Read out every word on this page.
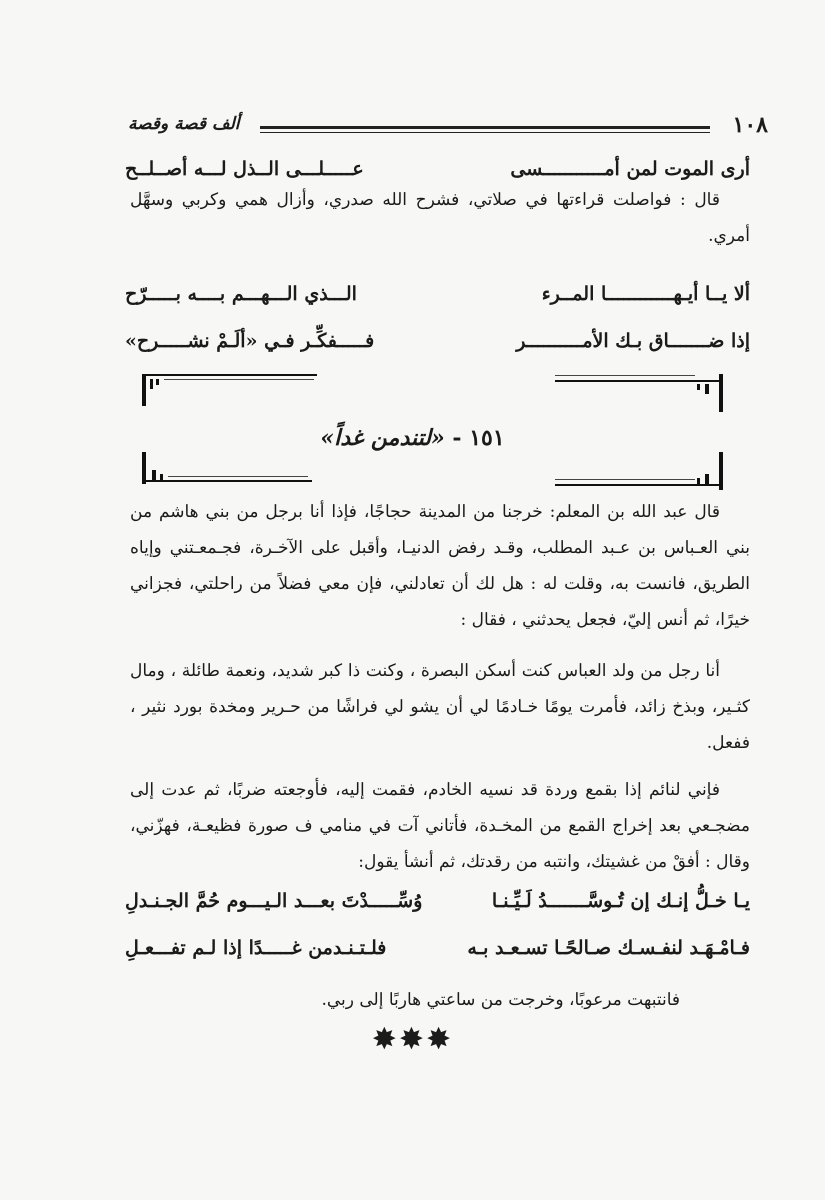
١٠٨
ألف قصة وقصة
أرى الموت لمن أمـــــــــــسى
عـــــلـــى الــذل لـــه أصــلــح

قال : فواصلت قراءتها في صلاتي، فشرح الله صدري، وأزال همي وكربي وسهَّل أمري.

ألا يــا أيـهــــــــــــا المــرء
الـــذي الـــهـــم بــــه بـــــرّح
إذا ضـــــــاق بـك الأمــــــــــر
فـــــفكِّـر فـي «ألَـمْ نشـــــرح»
١٥١ - «لتندمن غداً»

قال عبد الله بن المعلم: خرجنا من المدينة حجاجًا، فإذا أنا برجل من بني هاشم من بني العـباس بن عـبد المطلب، وقـد رفض الدنيـا، وأقبل على الآخـرة، فجـمعـتني وإياه الطريق، فانست به، وقلت له : هل لك أن تعادلني، فإن معي فضلاً من راحلتي، فجزاني خيرًا، ثم أنس إليّ، فجعل يحدثني ، فقال :

أنا رجل من ولد العباس كنت أسكن البصرة ، وكنت ذا كبر شديد، ونعمة طائلة ، ومال كثـير، وبذخ زائد، فأمرت يومًا خـادمًا لي أن يشو لي فراشًا من حـرير ومخدة بورد نثير ، ففعل.

فإني لنائم إذا بقمع وردة قد نسيه الخادم، فقمت إليه، فأوجعته ضربًا، ثم عدت إلى مضجـعي بعد إخراج القمع من المخـدة، فأتاني آت في منامي ف صورة فظيعـة، فهزّني، وقال : أفقْ من غشيتك، وانتبه من رقدتك، ثم أنشأ يقول:

يـا خـلُّ إنـك إن تُـوسَّـــــــدُ لَـيِّـنـا
وُسِّـــــدْتَ بعـــد الـيـــوم حُمَّ الجـنـدلِ
فـامْـهَـد لنفـسـك صـالحًـا تسـعـد بـه
فلـتـنـدمن غـــــدًا إذا لـم تفـــعـلِ

فانتبهت مرعوبًا، وخرجت من ساعتي هاربًا إلى ربي.

✸✸✸
